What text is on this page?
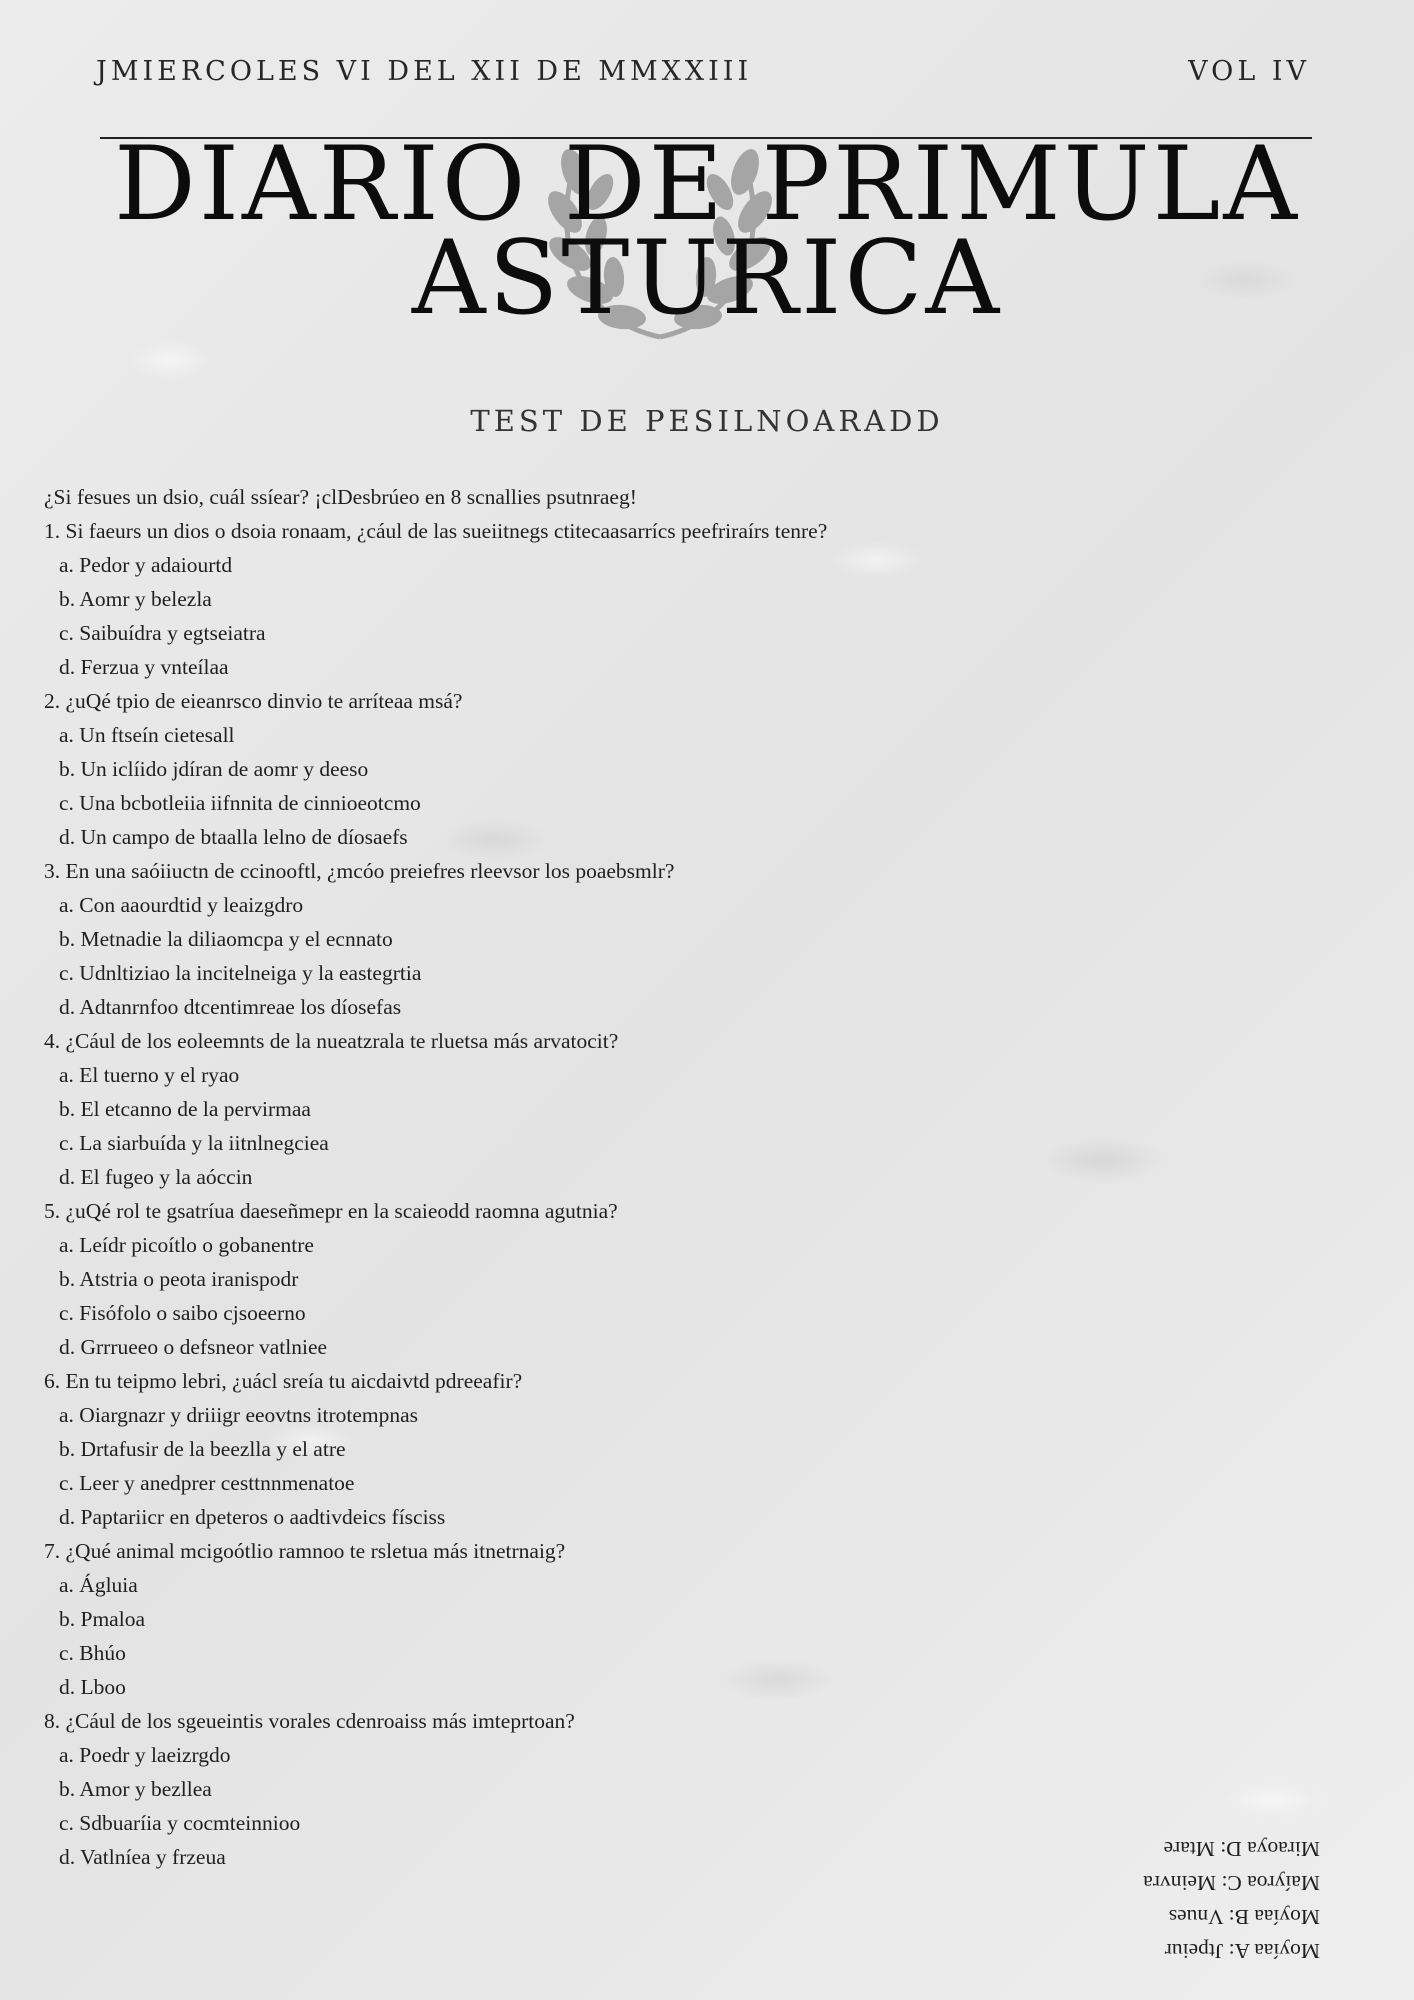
JMIERCOLES VI DEL XII DE MMXXIII	VOL IV
DIARIO DE PRIMULA
ASTURICA
TEST DE PESILNOARADD
¿Si fesues un dsio, cuál ssíear? ¡clDesbrúeo en 8 scnallies psutnraeg!
1. Si faeurs un dios o dsoia ronaam, ¿cául de las sueiitnegs ctitecaasarrícs peefriraírs tenre?
a. Pedor y adaiourtd
b. Aomr y belezla
c. Saibuídra y egtseiatra
d. Ferzua y vnteílaa
2. ¿uQé tpio de eieanrsco dinvio te arríteaa msá?
a. Un ftseín cietesall
b. Un iclíido jdíran de aomr y deeso
c. Una bcbotleiia iifnnita de cinnioeotcmo
d. Un campo de btaalla lelno de díosaefs
3. En una saóiiuctn de ccinooftl, ¿mcóo preiefres rleevsor los poaebsmlr?
a. Con aaourdtid y leaizgdro
b. Metnadie la diliaomcpa y el ecnnato
c. Udnltiziao la incitelneiga y la eastegrtia
d. Adtanrnfoo dtcentimreae los díosefas
4. ¿Cául de los eoleemnts de la nueatzrala te rluetsa más arvatocit?
a. El tuerno y el ryao
b. El etcanno de la pervirmaa
c. La siarbuída y la iitnlnegciea
d. El fugeo y la aóccin
5. ¿uQé rol te gsatríua daeseñmepr en la scaieodd raomna agutnia?
a. Leídr picoítlo o gobanentre
b. Atstria o peota iranispodr
c. Fisófolo o saibo cjsoeerno
d. Grrrueeo o defsneor vatlniee
6. En tu teipmo lebri, ¿uácl sreía tu aicdaivtd pdreeafir?
a. Oiargnazr y driiigr eeovtns itrotempnas
b. Drtafusir de la beezlla y el atre
c. Leer y anedprer cesttnnmenatoe
d. Paptariicr en dpeteros o aadtivdeics físciss
7. ¿Qué animal mcigoótlio ramnoo te rsletua más itnetrnaig?
a. Ágluia
b. Pmaloa
c. Bhúo
d. Lboo
8. ¿Cául de los sgeueintis vorales cdenroaiss más imteprtoan?
a. Poedr y laeizrgdo
b. Amor y bezllea
c. Sdbuaríia y cocmteinnioo
d. Vatlníea y frzeua
Moyíaa A: Jtpeiur
Moyíaa B: Vnues
Maíyroa C: Mеinvra
Miraoya D: Mtare
